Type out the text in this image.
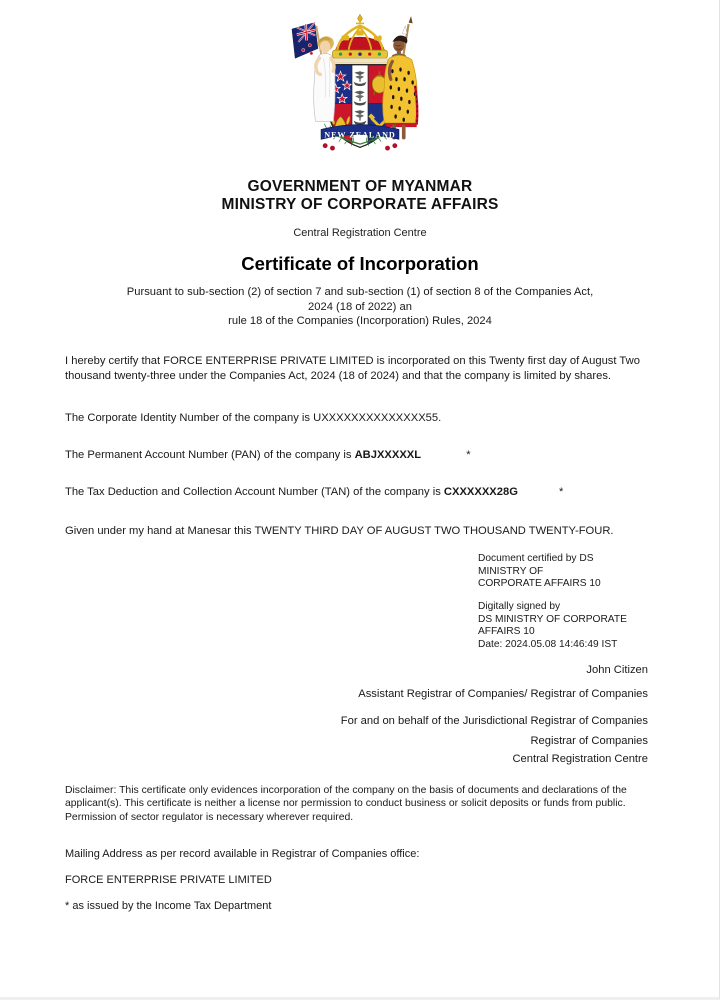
NEW ZEALAND
GOVERNMENT OF MYANMAR
MINISTRY OF CORPORATE AFFAIRS
Central Registration Centre
Certificate of Incorporation
Pursuant to sub-section (2) of section 7 and sub-section (1) of section 8 of the Companies Act,
2024 (18 of 2022) an
rule 18 of the Companies (Incorporation) Rules, 2024
I hereby certify that FORCE ENTERPRISE PRIVATE LIMITED is incorporated on this Twenty first day of August Two thousand twenty-three under the Companies Act, 2024 (18 of 2024) and that the company is limited by shares.
The Corporate Identity Number of the company is UXXXXXXXXXXXXXX55.
The Permanent Account Number (PAN) of the company is ABJXXXXXL	*
The Tax Deduction and Collection Account Number (TAN) of the company is CXXXXXX28G	*
Given under my hand at Manesar this TWENTY THIRD DAY OF AUGUST TWO THOUSAND TWENTY-FOUR.
Document certified by DS
MINISTRY OF
CORPORATE AFFAIRS 10
Digitally signed by
DS MINISTRY OF CORPORATE
AFFAIRS 10
Date: 2024.05.08 14:46:49 IST
John Citizen
Assistant Registrar of Companies/ Registrar of Companies
For and on behalf of the Jurisdictional Registrar of Companies
Registrar of Companies
Central Registration Centre
Disclaimer: This certificate only evidences incorporation of the company on the basis of documents and declarations of the applicant(s). This certificate is neither a license nor permission to conduct business or solicit deposits or funds from public. Permission of sector regulator is necessary wherever required.
Mailing Address as per record available in Registrar of Companies office:
FORCE ENTERPRISE PRIVATE LIMITED
* as issued by the Income Tax Department
